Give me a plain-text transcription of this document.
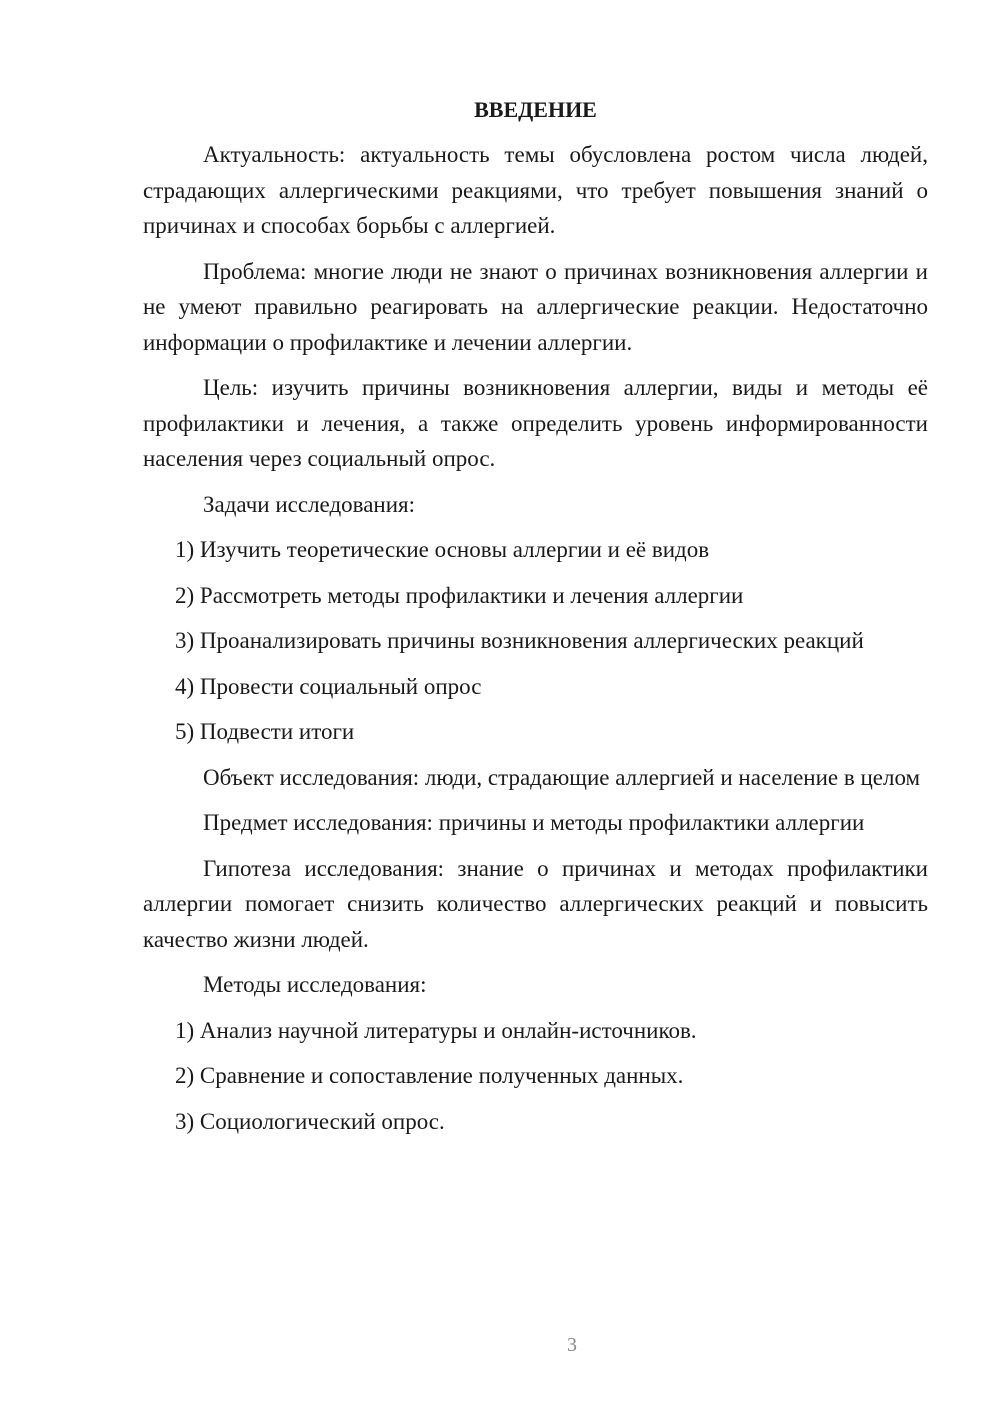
ВВЕДЕНИЕ
Актуальность: актуальность темы обусловлена ростом числа людей, страдающих аллергическими реакциями, что требует повышения знаний о причинах и способах борьбы с аллергией.
Проблема: многие люди не знают о причинах возникновения аллергии и не умеют правильно реагировать на аллергические реакции. Недостаточно информации о профилактике и лечении аллергии.
Цель: изучить причины возникновения аллергии, виды и методы её профилактики и лечения, а также определить уровень информированности населения через социальный опрос.
Задачи исследования:
1) Изучить теоретические основы аллергии и её видов
2) Рассмотреть методы профилактики и лечения аллергии
3) Проанализировать причины возникновения аллергических реакций
4) Провести социальный опрос
5) Подвести итоги
Объект исследования: люди, страдающие аллергией и население в целом
Предмет исследования: причины и методы профилактики аллергии
Гипотеза исследования: знание о причинах и методах профилактики аллергии помогает снизить количество аллергических реакций и повысить качество жизни людей.
Методы исследования:
1) Анализ научной литературы и онлайн-источников.
2) Сравнение и сопоставление полученных данных.
3) Социологический опрос.
3
